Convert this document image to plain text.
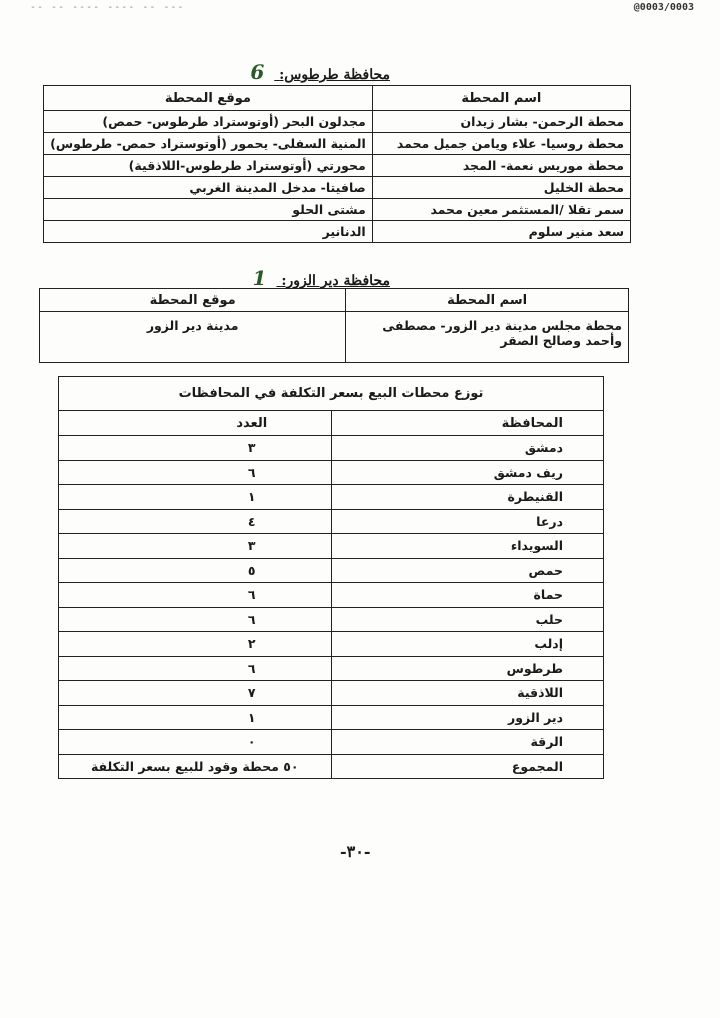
-- -- ---- ---- -- ---	@0003/0003
محافظة طرطوس: 6
اسم المحطة	موقع المحطة
محطة الرحمن- بشار زيدان	مجدلون البحر (أوتوستراد طرطوس- حمص)
محطة روسيا- علاء ويامن جميل محمد	المنية السفلى- يحمور (أوتوستراد حمص- طرطوس)
محطة موريس نعمة- المجد	محورتي (أوتوستراد طرطوس-اللاذقية)
محطة الخليل	صافيتا- مدخل المدينة الغربي
سمر تقلا /المستثمر معين محمد	مشتى الحلو
سعد منير سلوم	الدنانير
محافظة دير الزور: 1
اسم المحطة	موقع المحطة
محطة مجلس مدينة دير الزور- مصطفى وأحمد وصالح الصقر	مدينة دير الزور
توزع محطات البيع بسعر التكلفة في المحافظات	
المحافظة	العدد
دمشق	٣
ريف دمشق	٦
القنيطرة	١
درعا	٤
السويداء	٣
حمص	٥
حماة	٦
حلب	٦
إدلب	٢
طرطوس	٦
اللاذقية	٧
دير الزور	١
الرقة	٠
المجموع	٥٠ محطة وقود للبيع بسعر التكلفة
-٣٠-
